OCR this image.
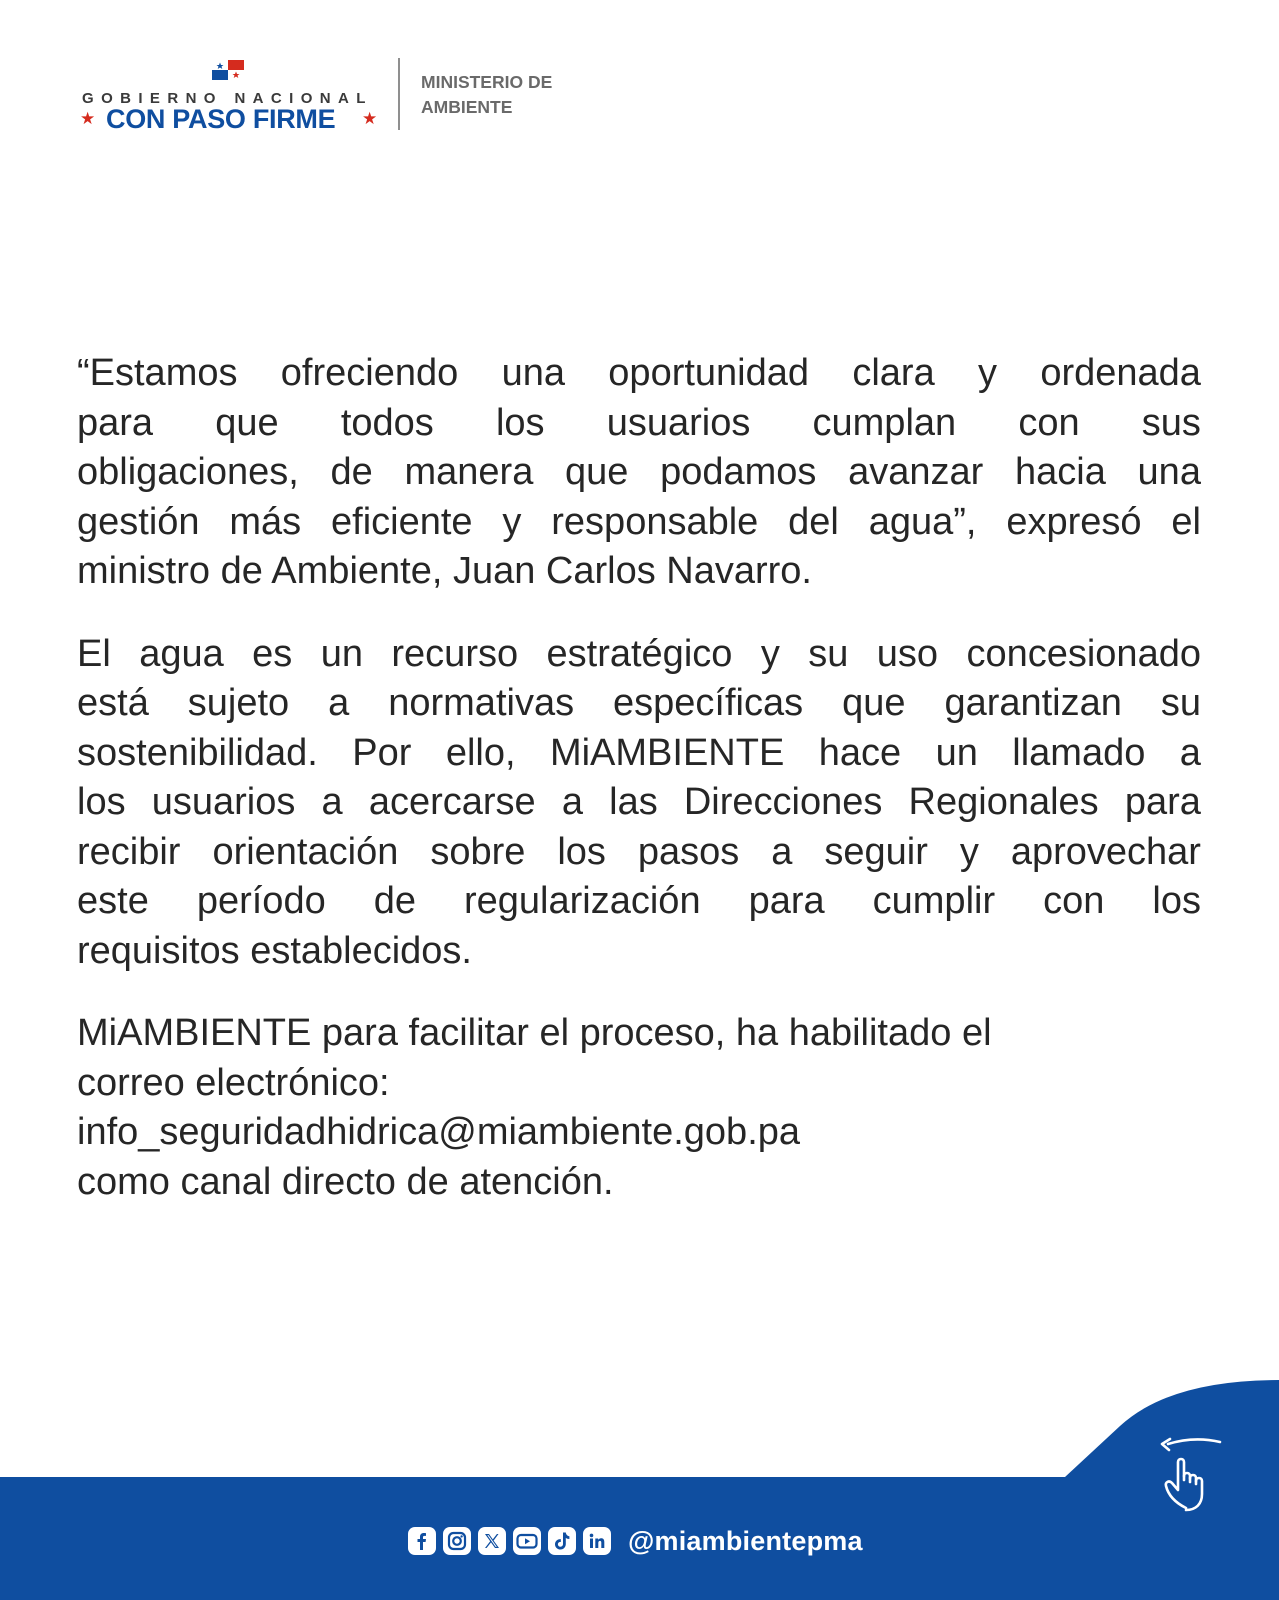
GOBIERNO NACIONAL
★ CON PASO FIRME ★
MINISTERIO DE
AMBIENTE

“Estamos ofreciendo una oportunidad clara y ordenada
para que todos los usuarios cumplan con sus
obligaciones, de manera que podamos avanzar hacia una
gestión más eficiente y responsable del agua”, expresó el
ministro de Ambiente, Juan Carlos Navarro.

El agua es un recurso estratégico y su uso concesionado
está sujeto a normativas específicas que garantizan su
sostenibilidad. Por ello, MiAMBIENTE hace un llamado a
los usuarios a acercarse a las Direcciones Regionales para
recibir orientación sobre los pasos a seguir y aprovechar
este período de regularización para cumplir con los
requisitos establecidos.

MiAMBIENTE para facilitar el proceso, ha habilitado el
correo electrónico:
info_seguridadhidrica@miambiente.gob.pa
como canal directo de atención.

@miambientepma
